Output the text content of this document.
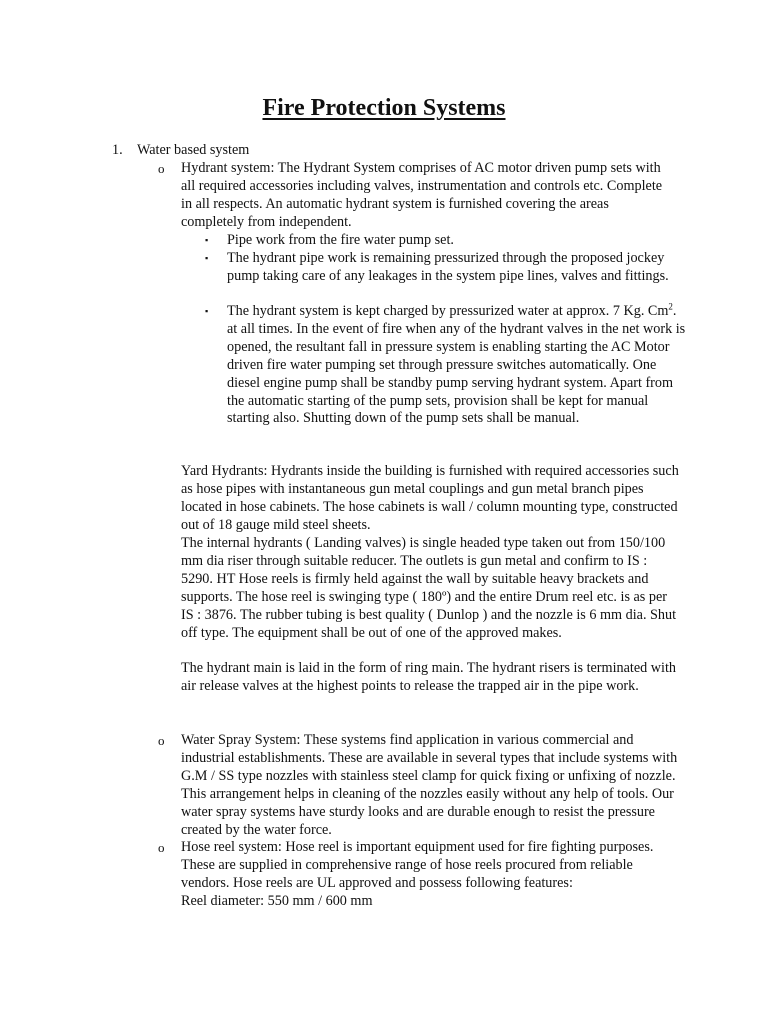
Fire Protection Systems
1. Water based system
o Hydrant system: The Hydrant System comprises of AC motor driven pump sets with all required accessories including valves, instrumentation and controls etc. Complete in all respects. An automatic hydrant system is furnished covering the areas completely from independent.
▪ Pipe work from the fire water pump set.
▪ The hydrant pipe work is remaining pressurized through the proposed jockey pump taking care of any leakages in the system pipe lines, valves and fittings.
▪ The hydrant system is kept charged by pressurized water at approx. 7 Kg. Cm$^2$. at all times. In the event of fire when any of the hydrant valves in the net work is opened, the resultant fall in pressure system is enabling starting the AC Motor driven fire water pumping set through pressure switches automatically. One diesel engine pump shall be standby pump serving hydrant system. Apart from the automatic starting of the pump sets, provision shall be kept for manual starting also. Shutting down of the pump sets shall be manual.
Yard Hydrants: Hydrants inside the building is furnished with required accessories such as hose pipes with instantaneous gun metal couplings and gun metal branch pipes located in hose cabinets. The hose cabinets is wall / column mounting type, constructed out of 18 gauge mild steel sheets.
The internal hydrants ( Landing valves) is single headed type taken out from 150/100 mm dia riser through suitable reducer. The outlets is gun metal and confirm to IS : 5290. HT Hose reels is firmly held against the wall by suitable heavy brackets and supports. The hose reel is swinging type ( 180º) and the entire Drum reel etc. is as per IS : 3876. The rubber tubing is best quality ( Dunlop ) and the nozzle is 6 mm dia. Shut off type. The equipment shall be out of one of the approved makes.
The hydrant main is laid in the form of ring main. The hydrant risers is terminated with air release valves at the highest points to release the trapped air in the pipe work.
o Water Spray System: These systems find application in various commercial and industrial establishments. These are available in several types that include systems with G.M / SS type nozzles with stainless steel clamp for quick fixing or unfixing of nozzle. This arrangement helps in cleaning of the nozzles easily without any help of tools. Our water spray systems have sturdy looks and are durable enough to resist the pressure created by the water force.
o Hose reel system: Hose reel is important equipment used for fire fighting purposes. These are supplied in comprehensive range of hose reels procured from reliable vendors. Hose reels are UL approved and possess following features:
Reel diameter: 550 mm / 600 mm
